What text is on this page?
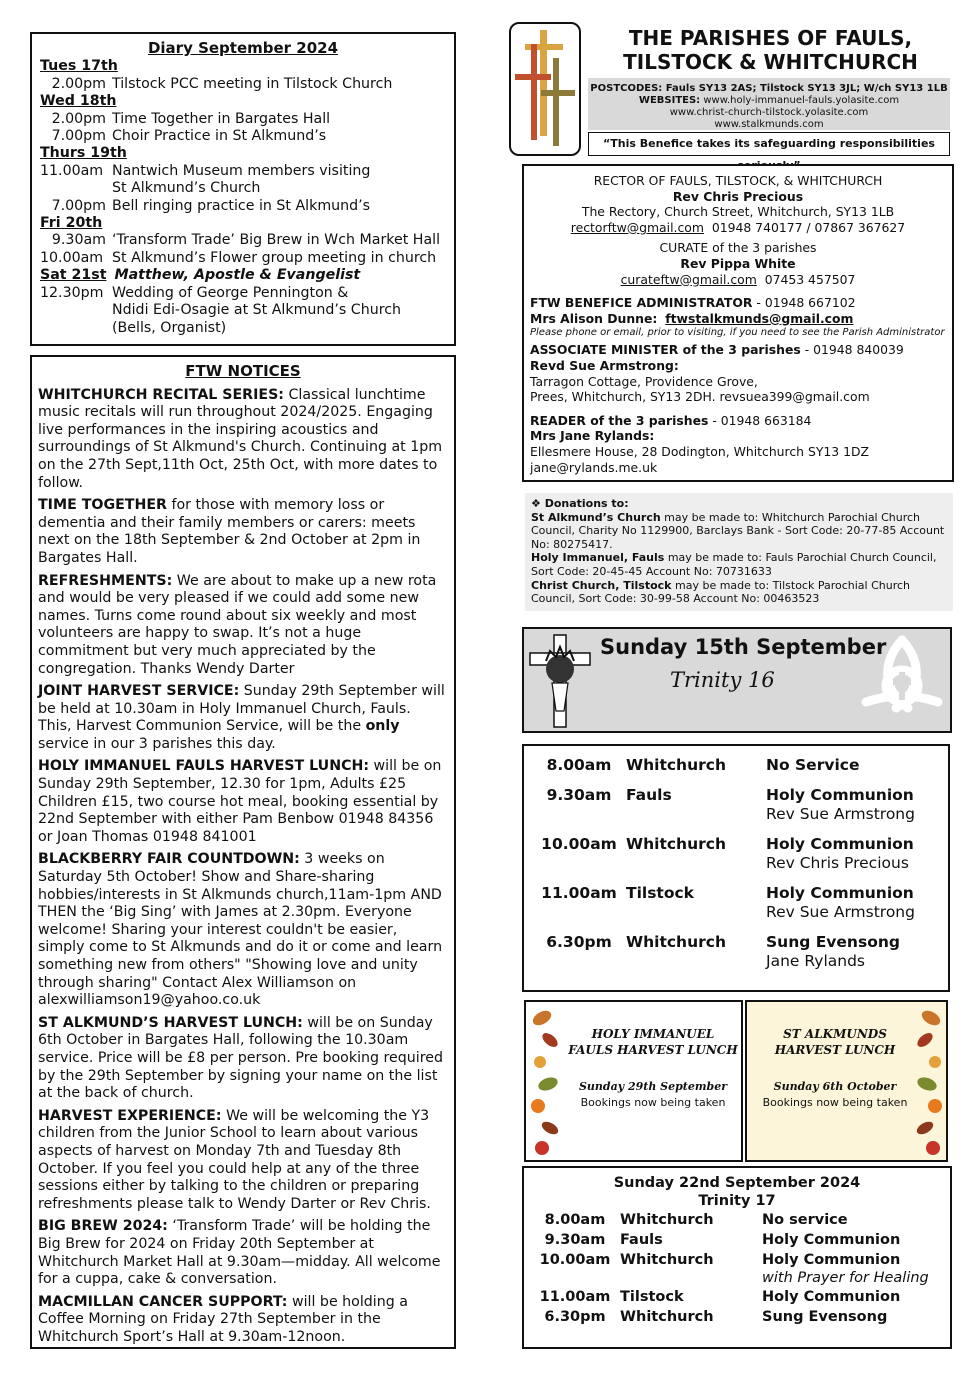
Diary September 2024
Tues 17th
2.00pm Tilstock PCC meeting in Tilstock Church
Wed 18th
2.00pm Time Together in Bargates Hall
7.00pm Choir Practice in St Alkmund’s
Thurs 19th
11.00am Nantwich Museum members visiting
St Alkmund’s Church
7.00pm Bell ringing practice in St Alkmund’s
Fri 20th
9.30am ‘Transform Trade’ Big Brew in Wch Market Hall
10.00am St Alkmund’s Flower group meeting in church
Sat 21st Matthew, Apostle & Evangelist
12.30pm Wedding of George Pennington &
Ndidi Edi-Osagie at St Alkmund’s Church
(Bells, Organist)
FTW NOTICES

WHITCHURCH RECITAL SERIES: Classical lunchtime music recitals will run throughout 2024/2025. Engaging live performances in the inspiring acoustics and surroundings of St Alkmund's Church. Continuing at 1pm on the 27th Sept,11th Oct, 25th Oct, with more dates to follow.

TIME TOGETHER for those with memory loss or dementia and their family members or carers: meets next on the 18th September & 2nd October at 2pm in Bargates Hall.

REFRESHMENTS: We are about to make up a new rota and would be very pleased if we could add some new names. Turns come round about six weekly and most volunteers are happy to swap. It’s not a huge commitment but very much appreciated by the congregation. Thanks Wendy Darter

JOINT HARVEST SERVICE: Sunday 29th September will be held at 10.30am in Holy Immanuel Church, Fauls. This, Harvest Communion Service, will be the only service in our 3 parishes this day.

HOLY IMMANUEL FAULS HARVEST LUNCH: will be on Sunday 29th September, 12.30 for 1pm, Adults £25 Children £15, two course hot meal, booking essential by 22nd September with either Pam Benbow 01948 84356 or Joan Thomas 01948 841001

BLACKBERRY FAIR COUNTDOWN: 3 weeks on Saturday 5th October! Show and Share-sharing hobbies/interests in St Alkmunds church,11am-1pm AND THEN the ‘Big Sing’ with James at 2.30pm. Everyone welcome! Sharing your interest couldn't be easier, simply come to St Alkmunds and do it or come and learn something new from others" "Showing love and unity through sharing" Contact Alex Williamson on alexwilliamson19@yahoo.co.uk

ST ALKMUND’S HARVEST LUNCH: will be on Sunday 6th October in Bargates Hall, following the 10.30am service. Price will be £8 per person. Pre booking required by the 29th September by signing your name on the list at the back of church.

HARVEST EXPERIENCE: We will be welcoming the Y3 children from the Junior School to learn about various aspects of harvest on Monday 7th and Tuesday 8th October. If you feel you could help at any of the three sessions either by talking to the children or preparing refreshments please talk to Wendy Darter or Rev Chris.

BIG BREW 2024: ‘Transform Trade’ will be holding the Big Brew for 2024 on Friday 20th September at Whitchurch Market Hall at 9.30am—midday. All welcome for a cuppa, cake & conversation.

MACMILLAN CANCER SUPPORT: will be holding a Coffee Morning on Friday 27th September in the Whitchurch Sport’s Hall at 9.30am-12noon.

THE PARISHES OF FAULS,
TILSTOCK & WHITCHURCH
POSTCODES: Fauls SY13 2AS; Tilstock SY13 3JL; W/ch SY13 1LB
WEBSITES: www.holy-immanuel-fauls.yolasite.com
www.christ-church-tilstock.yolasite.com
www.stalkmunds.com
“This Benefice takes its safeguarding responsibilities
RECTOR OF FAULS, TILSTOCK, & WHITCHURCH
Rev Chris Precious
The Rectory, Church Street, Whitchurch, SY13 1LB
rectorftw@gmail.com 01948 740177 / 07867 367627
CURATE of the 3 parishes
Rev Pippa White
curateftw@gmail.com 07453 457507
FTW BENEFICE ADMINISTRATOR - 01948 667102
Mrs Alison Dunne: ftwstalkmunds@gmail.com
Please phone or email, prior to visiting, if you need to see the Parish Administrator
ASSOCIATE MINISTER of the 3 parishes - 01948 840039
Revd Sue Armstrong:
Tarragon Cottage, Providence Grove,
Prees, Whitchurch, SY13 2DH. revsuea399@gmail.com
READER of the 3 parishes - 01948 663184
Mrs Jane Rylands:
Ellesmere House, 28 Dodington, Whitchurch SY13 1DZ
jane@rylands.me.uk
❖ Donations to:
St Alkmund’s Church may be made to: Whitchurch Parochial Church Council, Charity No 1129900, Barclays Bank - Sort Code: 20-77-85 Account No: 80275417.
Holy Immanuel, Fauls may be made to: Fauls Parochial Church Council, Sort Code: 20-45-45 Account No: 70731633
Christ Church, Tilstock may be made to: Tilstock Parochial Church Council, Sort Code: 30-99-58 Account No: 00463523
Sunday 15th September
Trinity 16
8.00am Whitchurch	No Service
9.30am Fauls	Holy Communion
Rev Sue Armstrong
10.00am Whitchurch	Holy Communion
Rev Chris Precious
11.00am Tilstock	Holy Communion
Rev Sue Armstrong
6.30pm Whitchurch	Sung Evensong
Jane Rylands
HOLY IMMANUEL
FAULS HARVEST LUNCH
Sunday 29th September
Bookings now being taken
ST ALKMUNDS
HARVEST LUNCH
Sunday 6th October
Bookings now being taken
Sunday 22nd September 2024
Trinity 17
8.00am	Whitchurch	No service
9.30am	Fauls	Holy Communion
10.00am Whitchurch	Holy Communion
with Prayer for Healing
11.00am Tilstock	Holy Communion
6.30pm Whitchurch	Sung Evensong
